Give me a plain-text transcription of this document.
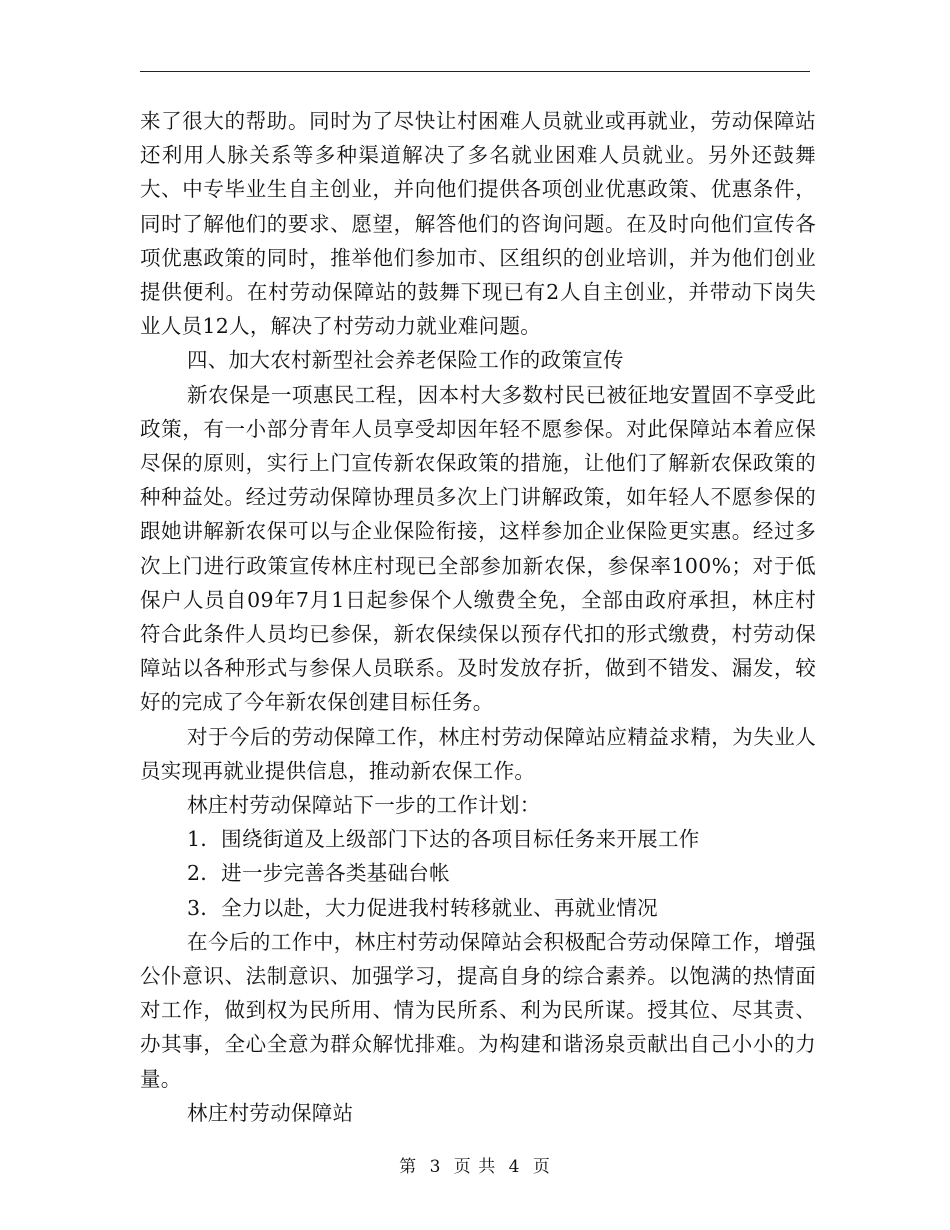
来了很大的帮助。同时为了尽快让村困难人员就业或再就业，劳动保障站还利用人脉关系等多种渠道解决了多名就业困难人员就业。另外还鼓舞大、中专毕业生自主创业，并向他们提供各项创业优惠政策、优惠条件，同时了解他们的要求、愿望，解答他们的咨询问题。在及时向他们宣传各项优惠政策的同时，推举他们参加市、区组织的创业培训，并为他们创业提供便利。在村劳动保障站的鼓舞下现已有2人自主创业，并带动下岗失业人员12人，解决了村劳动力就业难问题。

四、加大农村新型社会养老保险工作的政策宣传

新农保是一项惠民工程，因本村大多数村民已被征地安置固不享受此政策，有一小部分青年人员享受却因年轻不愿参保。对此保障站本着应保尽保的原则，实行上门宣传新农保政策的措施，让他们了解新农保政策的种种益处。经过劳动保障协理员多次上门讲解政策，如年轻人不愿参保的跟她讲解新农保可以与企业保险衔接，这样参加企业保险更实惠。经过多次上门进行政策宣传林庄村现已全部参加新农保，参保率100%；对于低保户人员自09年7月1日起参保个人缴费全免，全部由政府承担，林庄村符合此条件人员均已参保，新农保续保以预存代扣的形式缴费，村劳动保障站以各种形式与参保人员联系。及时发放存折，做到不错发、漏发，较好的完成了今年新农保创建目标任务。

对于今后的劳动保障工作，林庄村劳动保障站应精益求精，为失业人员实现再就业提供信息，推动新农保工作。

林庄村劳动保障站下一步的工作计划：

1．围绕街道及上级部门下达的各项目标任务来开展工作

2．进一步完善各类基础台帐

3．全力以赴，大力促进我村转移就业、再就业情况

在今后的工作中，林庄村劳动保障站会积极配合劳动保障工作，增强公仆意识、法制意识、加强学习，提高自身的综合素养。以饱满的热情面对工作，做到权为民所用、情为民所系、利为民所谋。授其位、尽其责、办其事，全心全意为群众解忧排难。为构建和谐汤泉贡献出自己小小的力量。

林庄村劳动保障站

第 3 页 共 4 页
